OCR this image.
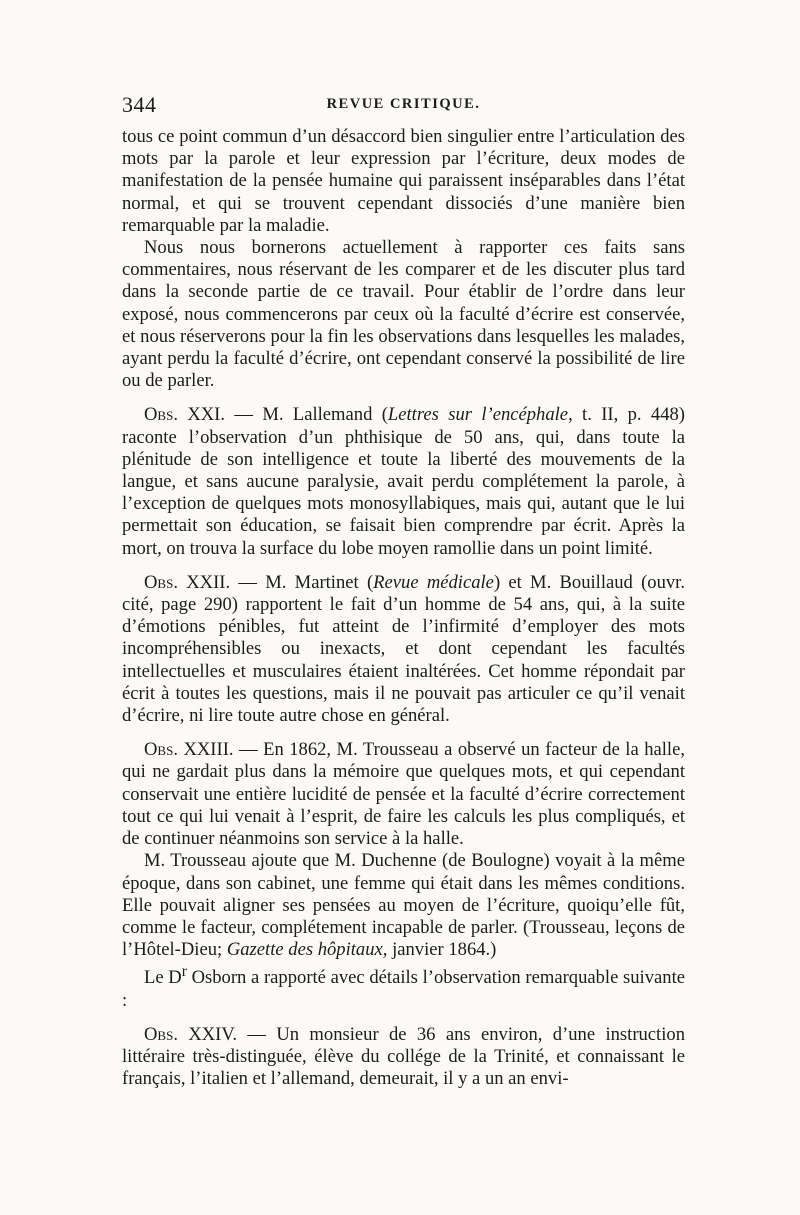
344	REVUE CRITIQUE.

tous ce point commun d’un désaccord bien singulier entre l’articulation des mots par la parole et leur expression par l’écriture, deux modes de manifestation de la pensée humaine qui paraissent inséparables dans l’état normal, et qui se trouvent cependant dissociés d’une manière bien remarquable par la maladie.

Nous nous bornerons actuellement à rapporter ces faits sans commentaires, nous réservant de les comparer et de les discuter plus tard dans la seconde partie de ce travail. Pour établir de l’ordre dans leur exposé, nous commencerons par ceux où la faculté d’écrire est conservée, et nous réserverons pour la fin les observations dans lesquelles les malades, ayant perdu la faculté d’écrire, ont cependant conservé la possibilité de lire ou de parler.

Obs. XXI. — M. Lallemand (Lettres sur l’encéphale, t. II, p. 448) raconte l’observation d’un phthisique de 50 ans, qui, dans toute la plénitude de son intelligence et toute la liberté des mouvements de la langue, et sans aucune paralysie, avait perdu complétement la parole, à l’exception de quelques mots monosyllabiques, mais qui, autant que le lui permettait son éducation, se faisait bien comprendre par écrit. Après la mort, on trouva la surface du lobe moyen ramollie dans un point limité.

Obs. XXII. — M. Martinet (Revue médicale) et M. Bouillaud (ouvr. cité, page 290) rapportent le fait d’un homme de 54 ans, qui, à la suite d’émotions pénibles, fut atteint de l’infirmité d’employer des mots incompréhensibles ou inexacts, et dont cependant les facultés intellectuelles et musculaires étaient inaltérées. Cet homme répondait par écrit à toutes les questions, mais il ne pouvait pas articuler ce qu’il venait d’écrire, ni lire toute autre chose en général.

Obs. XXIII. — En 1862, M. Trousseau a observé un facteur de la halle, qui ne gardait plus dans la mémoire que quelques mots, et qui cependant conservait une entière lucidité de pensée et la faculté d’écrire correctement tout ce qui lui venait à l’esprit, de faire les calculs les plus compliqués, et de continuer néanmoins son service à la halle.

M. Trousseau ajoute que M. Duchenne (de Boulogne) voyait à la même époque, dans son cabinet, une femme qui était dans les mêmes conditions. Elle pouvait aligner ses pensées au moyen de l’écriture, quoiqu’elle fût, comme le facteur, complétement incapable de parler. (Trousseau, leçons de l’Hôtel-Dieu; Gazette des hôpitaux, janvier 1864.)

Le $D^r$ Osborn a rapporté avec détails l’observation remarquable suivante :

Obs. XXIV. — Un monsieur de 36 ans environ, d’une instruction littéraire très-distinguée, élève du collége de la Trinité, et connaissant le français, l’italien et l’allemand, demeurait, il y a un an envi-
